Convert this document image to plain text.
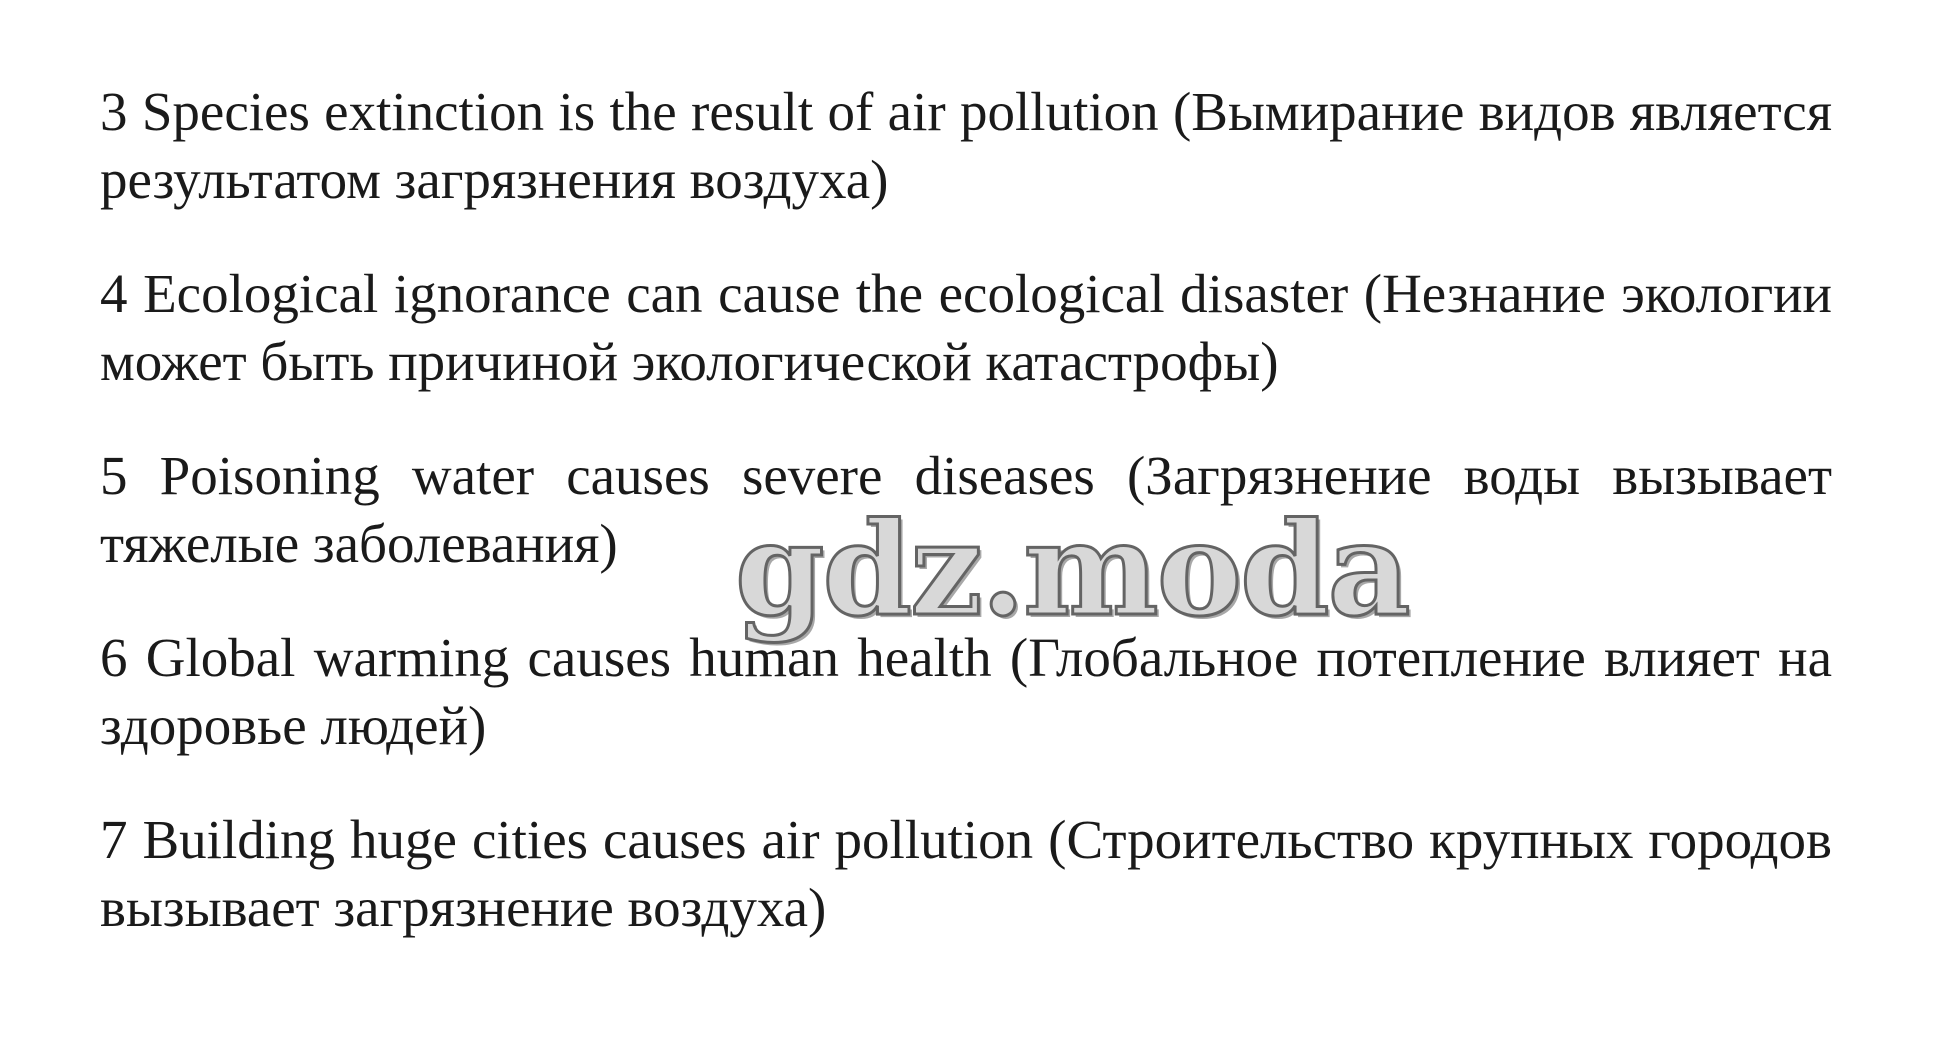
3 Species extinction is the result of air pollution (Вымирание видов является результатом загрязнения воздуха)

4 Ecological ignorance can cause the ecological disaster (Незнание экологии может быть причиной экологической катастрофы)

5 Poisoning water causes severe diseases (Загрязнение воды вызывает тяжелые заболевания)

6 Global warming causes human health (Глобальное потепление влияет на здоровье людей)

7 Building huge cities causes air pollution (Строительство крупных городов вызывает загрязнение воздуха)

gdz.moda
